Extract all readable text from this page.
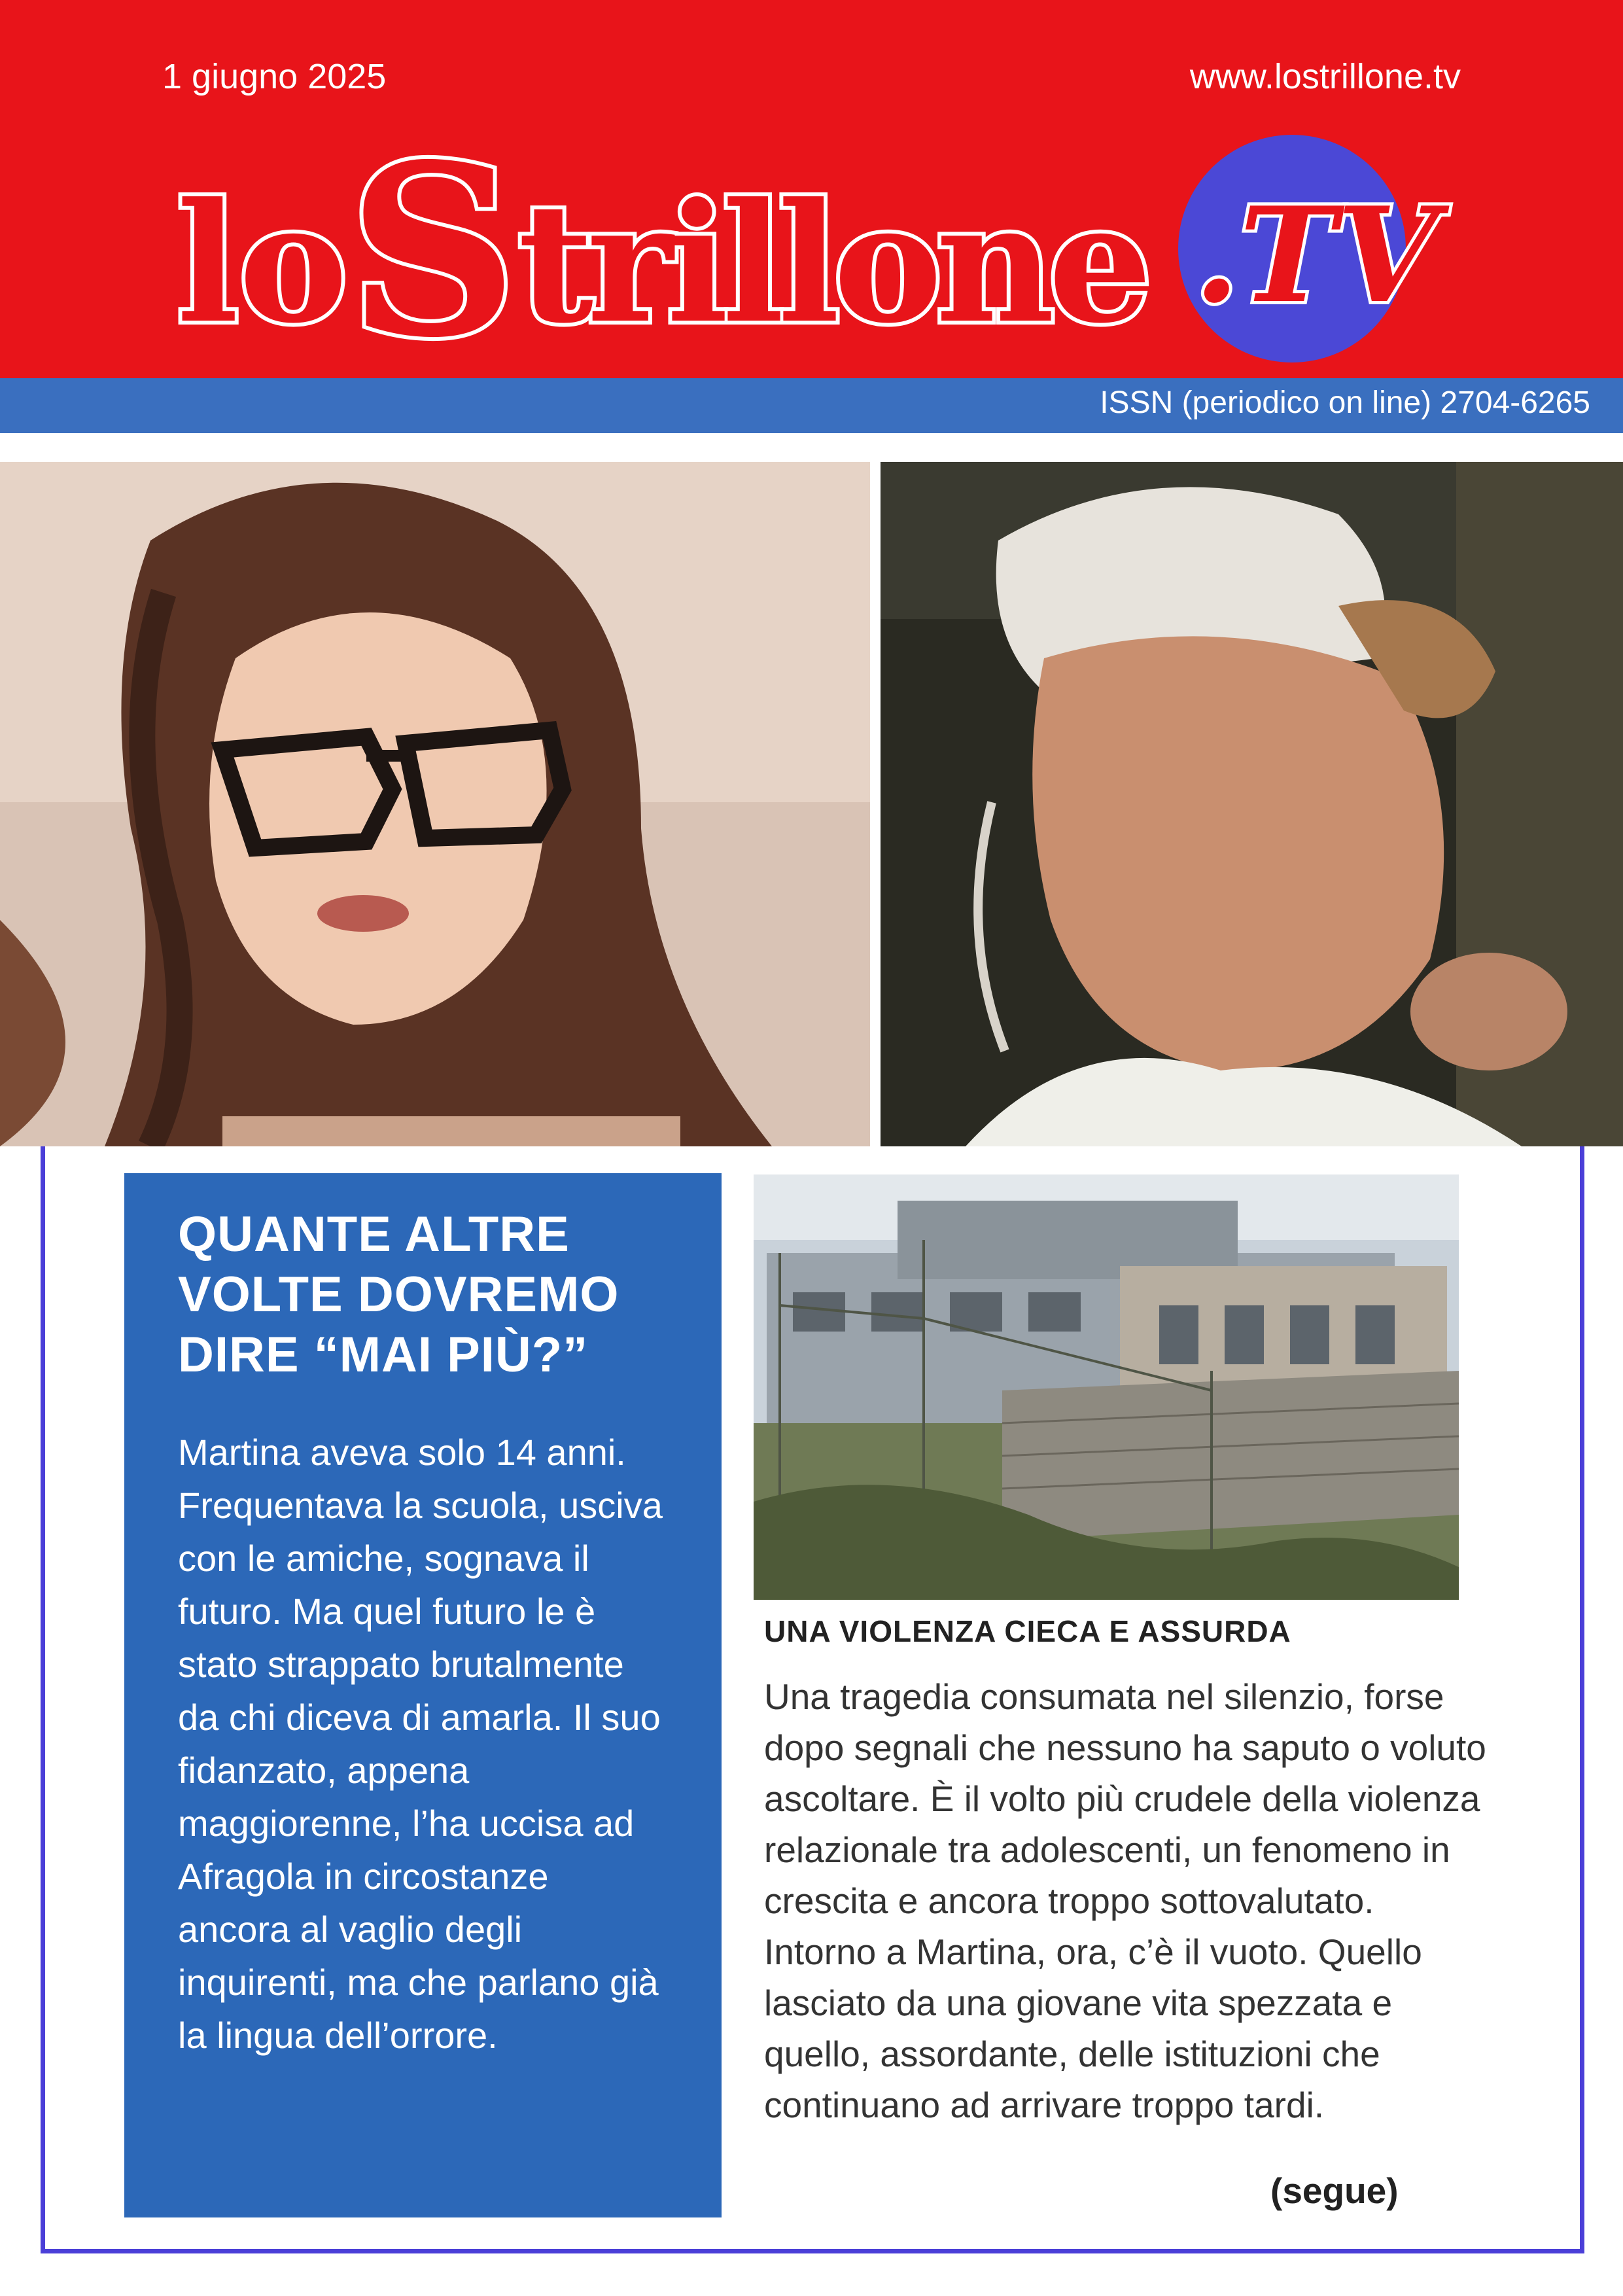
1 giugno 2025	www.lostrillone.tv
loStrillone .TV
ISSN (periodico on line) 2704-6265
QUANTE ALTRE VOLTE DOVREMO DIRE “MAI PIÙ?”

Martina aveva solo 14 anni. Frequentava la scuola, usciva con le amiche, sognava il futuro. Ma quel futuro le è stato strappato brutalmente da chi diceva di amarla. Il suo fidanzato, appena maggiorenne, l’ha uccisa ad Afragola in circostanze ancora al vaglio degli inquirenti, ma che parlano già la lingua dell’orrore.

UNA VIOLENZA CIECA E ASSURDA

Una tragedia consumata nel silenzio, forse dopo segnali che nessuno ha saputo o voluto ascoltare. È il volto più crudele della violenza relazionale tra adolescenti, un fenomeno in crescita e ancora troppo sottovalutato. Intorno a Martina, ora, c’è il vuoto. Quello lasciato da una giovane vita spezzata e quello, assordante, delle istituzioni che continuano ad arrivare troppo tardi.

(segue)
